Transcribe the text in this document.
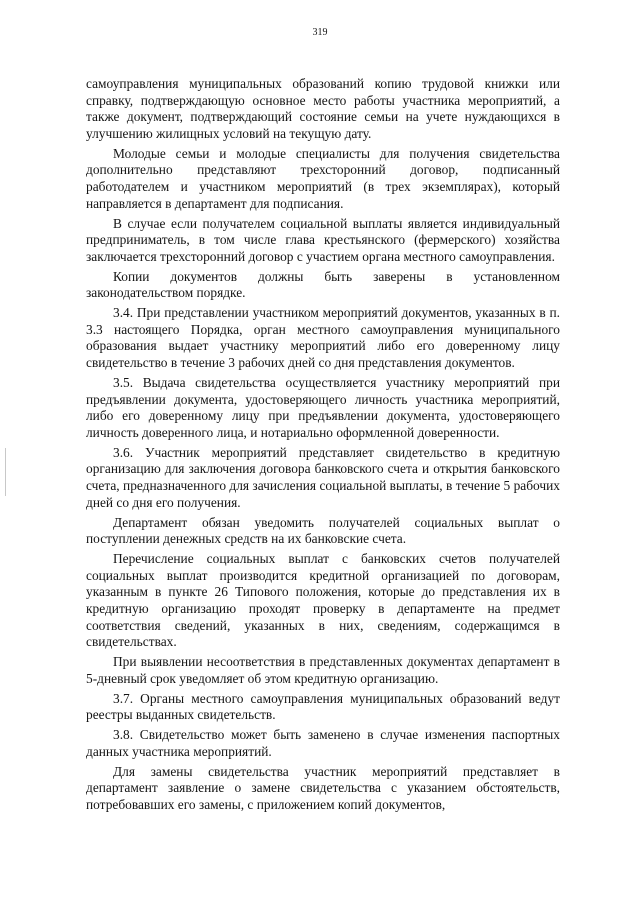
319

самоуправления муниципальных образований копию трудовой книжки или справку, подтверждающую основное место работы участника мероприятий, а также документ, подтверждающий состояние семьи на учете нуждающихся в улучшению жилищных условий на текущую дату.

Молодые семьи и молодые специалисты для получения свидетельства дополнительно представляют трехсторонний договор, подписанный работодателем и участником мероприятий (в трех экземплярах), который направляется в департамент для подписания.

В случае если получателем социальной выплаты является индивидуальный предприниматель, в том числе глава крестьянского (фермерского) хозяйства заключается трехсторонний договор с участием органа местного самоуправления.

Копии документов должны быть заверены в установленном законодательством порядке.

3.4. При представлении участником мероприятий документов, указанных в п. 3.3 настоящего Порядка, орган местного самоуправления муниципального образования выдает участнику мероприятий либо его доверенному лицу свидетельство в течение 3 рабочих дней со дня представления документов.

3.5. Выдача свидетельства осуществляется участнику мероприятий при предъявлении документа, удостоверяющего личность участника мероприятий, либо его доверенному лицу при предъявлении документа, удостоверяющего личность доверенного лица, и нотариально оформленной доверенности.

3.6. Участник мероприятий представляет свидетельство в кредитную организацию для заключения договора банковского счета и открытия банковского счета, предназначенного для зачисления социальной выплаты, в течение 5 рабочих дней со дня его получения.

Департамент обязан уведомить получателей социальных выплат о поступлении денежных средств на их банковские счета.

Перечисление социальных выплат с банковских счетов получателей социальных выплат производится кредитной организацией по договорам, указанным в пункте 26 Типового положения, которые до представления их в кредитную организацию проходят проверку в департаменте на предмет соответствия сведений, указанных в них, сведениям, содержащимся в свидетельствах.

При выявлении несоответствия в представленных документах департамент в 5-дневный срок уведомляет об этом кредитную организацию.

3.7. Органы местного самоуправления муниципальных образований ведут реестры выданных свидетельств.

3.8. Свидетельство может быть заменено в случае изменения паспортных данных участника мероприятий.

Для замены свидетельства участник мероприятий представляет в департамент заявление о замене свидетельства с указанием обстоятельств, потребовавших его замены, с приложением копий документов,
